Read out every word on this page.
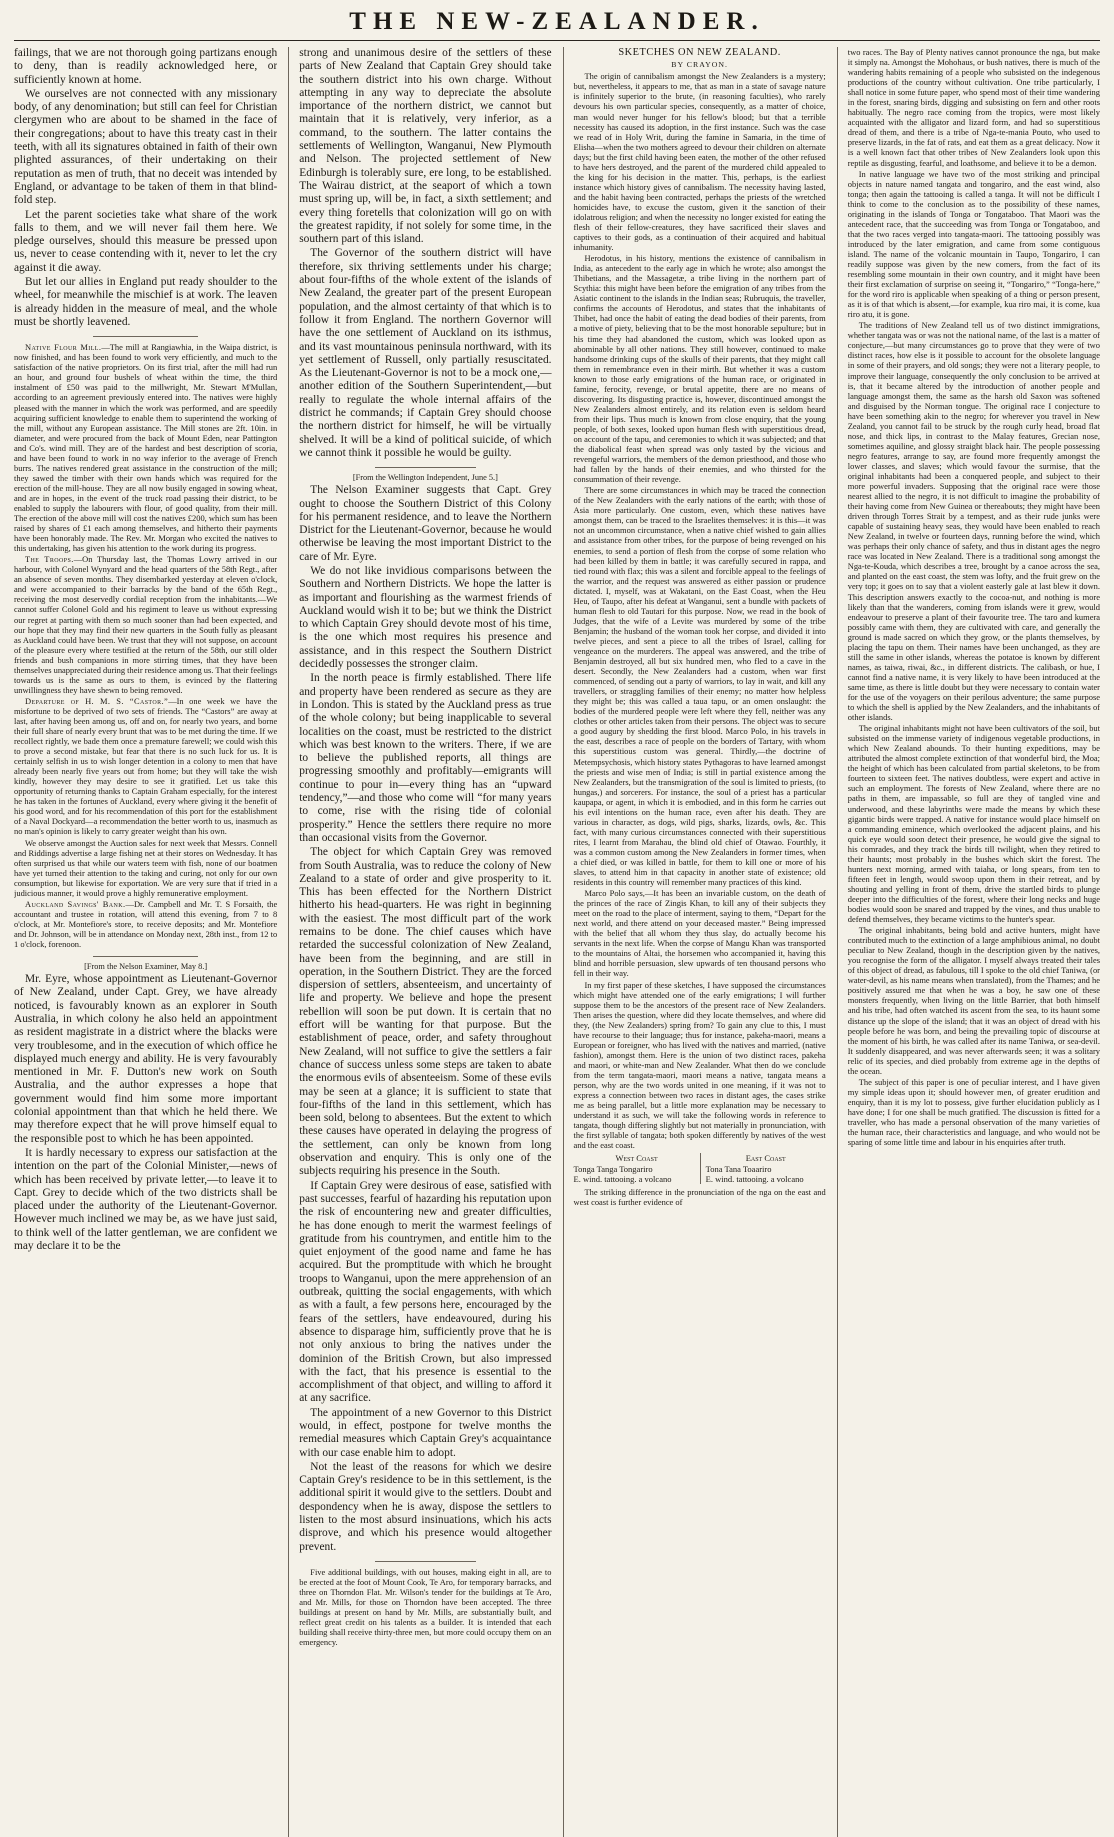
THE NEW-ZEALANDER.

failings, that we are not thorough going partizans enough to deny, than is readily acknowledged here, or sufficiently known at home.

We ourselves are not connected with any missionary body, of any denomination; but still can feel for Christian clergymen who are about to be shamed in the face of their congregations; about to have this treaty cast in their teeth, with all its signatures obtained in faith of their own plighted assurances, of their undertaking on their reputation as men of truth, that no deceit was intended by England, or advantage to be taken of them in that blind-fold step.

Let the parent societies take what share of the work falls to them, and we will never fail them here. We pledge ourselves, should this measure be pressed upon us, never to cease contending with it, never to let the cry against it die away.

But let our allies in England put ready shoulder to the wheel, for meanwhile the mischief is at work. The leaven is already hidden in the measure of meal, and the whole must be shortly leavened.

Native Flour Mill.—The mill at Rangiawhia, in the Waipa district, is now finished, and has been found to work very efficiently, and much to the satisfaction of the native proprietors. On its first trial, after the mill had run an hour, and ground four bushels of wheat within the time, the third instalment of £50 was paid to the millwright, Mr. Stewart M'Mullan, according to an agreement previously entered into. The natives were highly pleased with the manner in which the work was performed, and are speedily acquiring sufficient knowledge to enable them to superintend the working of the mill, without any European assistance. The Mill stones are 2ft. 10in. in diameter, and were procured from the back of Mount Eden, near Pattington and Co's. wind mill. They are of the hardest and best description of scoria, and have been found to work in no way inferior to the average of French burrs. The natives rendered great assistance in the construction of the mill; they sawed the timber with their own hands which was required for the erection of the mill-house. They are all now busily engaged in sowing wheat, and are in hopes, in the event of the truck road passing their district, to be enabled to supply the labourers with flour, of good quality, from their mill. The erection of the above mill will cost the natives £200, which sum has been raised by shares of £1 each among themselves, and hitherto their payments have been honorably made. The Rev. Mr. Morgan who excited the natives to this undertaking, has given his attention to the work during its progress.

The Troops.—On Thursday last, the Thomas Lowry arrived in our harbour, with Colonel Wynyard and the head quarters of the 58th Regt., after an absence of seven months. They disembarked yesterday at eleven o'clock, and were accompanied to their barracks by the band of the 65th Regt., receiving the most deservedly cordial reception from the inhabitants.—We cannot suffer Colonel Gold and his regiment to leave us without expressing our regret at parting with them so much sooner than had been expected, and our hope that they may find their new quarters in the South fully as pleasant as Auckland could have been. We trust that they will not suppose, on account of the pleasure every where testified at the return of the 58th, our still older friends and bush companions in more stirring times, that they have been themselves unappreciated during their residence among us. That their feelings towards us is the same as ours to them, is evinced by the flattering unwillingness they have shewn to being removed.

Departure of H. M. S. “Castor.”—In one week we have the misfortune to be deprived of two sets of friends. The “Castors” are away at last, after having been among us, off and on, for nearly two years, and borne their full share of nearly every brunt that was to be met during the time. If we recollect rightly, we bade them once a premature farewell; we could wish this to prove a second mistake, but fear that there is no such luck for us. It is certainly selfish in us to wish longer detention in a colony to men that have already been nearly five years out from home; but they will take the wish kindly, however they may desire to see it gratified. Let us take this opportunity of returning thanks to Captain Graham especially, for the interest he has taken in the fortunes of Auckland, every where giving it the benefit of his good word, and for his recommendation of this port for the establishment of a Naval Dockyard—a recommendation the better worth to us, inasmuch as no man's opinion is likely to carry greater weight than his own.

We observe amongst the Auction sales for next week that Messrs. Connell and Riddings advertise a large fishing net at their stores on Wednesday. It has often surprised us that while our waters teem with fish, none of our boatmen have yet turned their attention to the taking and curing, not only for our own consumption, but likewise for exportation. We are very sure that if tried in a judicious manner, it would prove a highly remunerative employment.

Auckland Savings' Bank.—Dr. Campbell and Mr. T. S Forsaith, the accountant and trustee in rotation, will attend this evening, from 7 to 8 o'clock, at Mr. Montefiore's store, to receive deposits; and Mr. Montefiore and Dr. Johnson, will be in attendance on Monday next, 28th inst., from 12 to 1 o'clock, forenoon.

[From the Nelson Examiner, May 8.]

Mr. Eyre, whose appointment as Lieutenant-Governor of New Zealand, under Capt. Grey, we have already noticed, is favourably known as an explorer in South Australia, in which colony he also held an appointment as resident magistrate in a district where the blacks were very troublesome, and in the execution of which office he displayed much energy and ability. He is very favourably mentioned in Mr. F. Dutton's new work on South Australia, and the author expresses a hope that government would find him some more important colonial appointment than that which he held there. We may therefore expect that he will prove himself equal to the responsible post to which he has been appointed.

It is hardly necessary to express our satisfaction at the intention on the part of the Colonial Minister,—news of which has been received by private letter,—to leave it to Capt. Grey to decide which of the two districts shall be placed under the authority of the Lieutenant-Governor. However much inclined we may be, as we have just said, to think well of the latter gentleman, we are confident we may declare it to be the

strong and unanimous desire of the settlers of these parts of New Zealand that Captain Grey should take the southern district into his own charge. Without attempting in any way to depreciate the absolute importance of the northern district, we cannot but maintain that it is relatively, very inferior, as a command, to the southern. The latter contains the settlements of Wellington, Wanganui, New Plymouth and Nelson. The projected settlement of New Edinburgh is tolerably sure, ere long, to be established. The Wairau district, at the seaport of which a town must spring up, will be, in fact, a sixth settlement; and every thing foretells that colonization will go on with the greatest rapidity, if not solely for some time, in the southern part of this island.

The Governor of the southern district will have therefore, six thriving settlements under his charge; about four-fifths of the whole extent of the islands of New Zealand, the greater part of the present European population, and the almost certainty of that which is to follow it from England. The northern Governor will have the one settlement of Auckland on its isthmus, and its vast mountainous peninsula northward, with its yet settlement of Russell, only partially resuscitated. As the Lieutenant-Governor is not to be a mock one,—another edition of the Southern Superintendent,—but really to regulate the whole internal affairs of the district he commands; if Captain Grey should choose the northern district for himself, he will be virtually shelved. It will be a kind of political suicide, of which we cannot think it possible he would be guilty.

[From the Wellington Independent, June 5.]

The Nelson Examiner suggests that Capt. Grey ought to choose the Southern District of this Colony for his permanent residence, and to leave the Northern District for the Lieutenant-Governor, because he would otherwise be leaving the most important District to the care of Mr. Eyre.

We do not like invidious comparisons between the Southern and Northern Districts. We hope the latter is as important and flourishing as the warmest friends of Auckland would wish it to be; but we think the District to which Captain Grey should devote most of his time, is the one which most requires his presence and assistance, and in this respect the Southern District decidedly possesses the stronger claim.

In the north peace is firmly established. There life and property have been rendered as secure as they are in London. This is stated by the Auckland press as true of the whole colony; but being inapplicable to several localities on the coast, must be restricted to the district which was best known to the writers. There, if we are to believe the published reports, all things are progressing smoothly and profitably—emigrants will continue to pour in—every thing has an “upward tendency,”—and those who come will “for many years to come, rise with the rising tide of colonial prosperity.” Hence the settlers there require no more than occasional visits from the Governor.

The object for which Captain Grey was removed from South Australia, was to reduce the colony of New Zealand to a state of order and give prosperity to it. This has been effected for the Northern District hitherto his head-quarters. He was right in beginning with the easiest. The most difficult part of the work remains to be done. The chief causes which have retarded the successful colonization of New Zealand, have been from the beginning, and are still in operation, in the Southern District. They are the forced dispersion of settlers, absenteeism, and uncertainty of life and property. We believe and hope the present rebellion will soon be put down. It is certain that no effort will be wanting for that purpose. But the establishment of peace, order, and safety throughout New Zealand, will not suffice to give the settlers a fair chance of success unless some steps are taken to abate the enormous evils of absenteeism. Some of these evils may be seen at a glance; it is sufficient to state that four-fifths of the land in this settlement, which has been sold, belong to absentees. But the extent to which these causes have operated in delaying the progress of the settlement, can only be known from long observation and enquiry. This is only one of the subjects requiring his presence in the South.

If Captain Grey were desirous of ease, satisfied with past successes, fearful of hazarding his reputation upon the risk of encountering new and greater difficulties, he has done enough to merit the warmest feelings of gratitude from his countrymen, and entitle him to the quiet enjoyment of the good name and fame he has acquired. But the promptitude with which he brought troops to Wanganui, upon the mere apprehension of an outbreak, quitting the social engagements, with which as with a fault, a few persons here, encouraged by the fears of the settlers, have endeavoured, during his absence to disparage him, sufficiently prove that he is not only anxious to bring the natives under the dominion of the British Crown, but also impressed with the fact, that his presence is essential to the accomplishment of that object, and willing to afford it at any sacrifice.

The appointment of a new Governor to this District would, in effect, postpone for twelve months the remedial measures which Captain Grey's acquaintance with our case enable him to adopt.

Not the least of the reasons for which we desire Captain Grey's residence to be in this settlement, is the additional spirit it would give to the settlers. Doubt and despondency when he is away, dispose the settlers to listen to the most absurd insinuations, which his acts disprove, and which his presence would altogether prevent.

Five additional buildings, with out houses, making eight in all, are to be erected at the foot of Mount Cook, Te Aro, for temporary barracks, and three on Thorndon Flat. Mr. Wilson's tender for the buildings at Te Aro, and Mr. Mills, for those on Thorndon have been accepted. The three buildings at present on hand by Mr. Mills, are substantially built, and reflect great credit on his talents as a builder. It is intended that each building shall receive thirty-three men, but more could occupy them on an emergency.

SKETCHES ON NEW ZEALAND.

BY CRAYON.

The origin of cannibalism amongst the New Zealanders is a mystery; but, nevertheless, it appears to me, that as man in a state of savage nature is infinitely superior to the brute, (in reasoning faculties), who rarely devours his own particular species, consequently, as a matter of choice, man would never hunger for his fellow's blood; but that a terrible necessity has caused its adoption, in the first instance. Such was the case we read of in Holy Writ, during the famine in Samaria, in the time of Elisha—when the two mothers agreed to devour their children on alternate days; but the first child having been eaten, the mother of the other refused to have hers destroyed, and the parent of the murdered child appealed to the king for his decision in the matter. This, perhaps, is the earliest instance which history gives of cannibalism. The necessity having lasted, and the habit having been contracted, perhaps the priests of the wretched homicides have, to excuse the custom, given it the sanction of their idolatrous religion; and when the necessity no longer existed for eating the flesh of their fellow-creatures, they have sacrificed their slaves and captives to their gods, as a continuation of their acquired and habitual inhumanity.

Herodotus, in his history, mentions the existence of cannibalism in India, as antecedent to the early age in which he wrote; also amongst the Thibetians, and the Massagetæ, a tribe living in the northern part of Scythia: this might have been before the emigration of any tribes from the Asiatic continent to the islands in the Indian seas; Rubruquis, the traveller, confirms the accounts of Herodotus, and states that the inhabitants of Thibet, had once the habit of eating the dead bodies of their parents, from a motive of piety, believing that to be the most honorable sepulture; but in his time they had abandoned the custom, which was looked upon as abominable by all other nations. They still however, continued to make handsome drinking cups of the skulls of their parents, that they might call them in remembrance even in their mirth. But whether it was a custom known to those early emigrations of the human race, or originated in famine, ferocity, revenge, or brutal appetite, there are no means of discovering. Its disgusting practice is, however, discontinued amongst the New Zealanders almost entirely, and its relation even is seldom heard from their lips. Thus much is known from close enquiry, that the young people, of both sexes, looked upon human flesh with superstitious dread, on account of the tapu, and ceremonies to which it was subjected; and that the diabolical feast when spread was only tasted by the vicious and revengeful warriors, the members of the demon priesthood, and those who had fallen by the hands of their enemies, and who thirsted for the consummation of their revenge.

There are some circumstances in which may be traced the connection of the New Zealanders with the early nations of the earth; with those of Asia more particularly. One custom, even, which these natives have amongst them, can be traced to the Israelites themselves: it is this—it was not an uncommon circumstance, when a native chief wished to gain allies and assistance from other tribes, for the purpose of being revenged on his enemies, to send a portion of flesh from the corpse of some relation who had been killed by them in battle; it was carefully secured in rappa, and tied round with flax; this was a silent and forcible appeal to the feelings of the warrior, and the request was answered as either passion or prudence dictated. I, myself, was at Wakatani, on the East Coast, when the Heu Heu, of Taupo, after his defeat at Wanganui, sent a bundle with packets of human flesh to old Tautari for this purpose. Now, we read in the book of Judges, that the wife of a Levite was murdered by some of the tribe Benjamin; the husband of the woman took her corpse, and divided it into twelve pieces, and sent a piece to all the tribes of Israel, calling for vengeance on the murderers. The appeal was answered, and the tribe of Benjamin destroyed, all but six hundred men, who fled to a cave in the desert. Secondly, the New Zealanders had a custom, when war first commenced, of sending out a party of warriors, to lay in wait, and kill any travellers, or straggling families of their enemy; no matter how helpless they might be; this was called a taua tapu, or an omen onslaught: the bodies of the murdered people were left where they fell, neither was any clothes or other articles taken from their persons. The object was to secure a good augury by shedding the first blood. Marco Polo, in his travels in the east, describes a race of people on the borders of Tartary, with whom this superstitious custom was general. Thirdly,—the doctrine of Metempsychosis, which history states Pythagoras to have learned amongst the priests and wise men of India; is still in partial existence among the New Zealanders, but the transmigration of the soul is limited to priests, (to hungas,) and sorcerers. For instance, the soul of a priest has a particular kaupapa, or agent, in which it is embodied, and in this form he carries out his evil intentions on the human race, even after his death. They are various in character, as dogs, wild pigs, sharks, lizards, owls, &c. This fact, with many curious circumstances connected with their superstitious rites, I learnt from Marahau, the blind old chief of Otawao. Fourthly, it was a common custom among the New Zealanders in former times, when a chief died, or was killed in battle, for them to kill one or more of his slaves, to attend him in that capacity in another state of existence; old residents in this country will remember many practices of this kind.

Marco Polo says,—It has been an invariable custom, on the death of the princes of the race of Zingis Khan, to kill any of their subjects they meet on the road to the place of interment, saying to them, “Depart for the next world, and there attend on your deceased master.” Being impressed with the belief that all whom they thus slay, do actually become his servants in the next life. When the corpse of Mangu Khan was transported to the mountains of Altai, the horsemen who accompanied it, having this blind and horrible persuasion, slew upwards of ten thousand persons who fell in their way.

In my first paper of these sketches, I have supposed the circumstances which might have attended one of the early emigrations; I will further suppose them to be the ancestors of the present race of New Zealanders. Then arises the question, where did they locate themselves, and where did they, (the New Zealanders) spring from? To gain any clue to this, I must have recourse to their language; thus for instance, pakeha-maori, means a European or foreigner, who has lived with the natives and married, (native fashion), amongst them. Here is the union of two distinct races, pakeha and maori, or white-man and New Zealander. What then do we conclude from the term tangata-maori, maori means a native, tangata means a person, why are the two words united in one meaning, if it was not to express a connection between two races in distant ages, the cases strike me as being parallel, but a little more explanation may be necessary to understand it as such, we will take the following words in reference to tangata, though differing slightly but not materially in pronunciation, with the first syllable of tangata; both spoken differently by natives of the west and the east coast.

West Coast
Tonga Tanga Tongariro
E. wind. tattooing. a volcano
East Coast
Tona Tana Toaariro
E. wind. tattooing. a volcano

The striking difference in the pronunciation of the nga on the east and west coast is further evidence of

two races. The Bay of Plenty natives cannot pronounce the nga, but make it simply na. Amongst the Mohohaus, or bush natives, there is much of the wandering habits remaining of a people who subsisted on the indegenous productions of the country without cultivation. One tribe particularly, I shall notice in some future paper, who spend most of their time wandering in the forest, snaring birds, digging and subsisting on fern and other roots habitually. The negro race coming from the tropics, were most likely acquainted with the alligator and lizard form, and had so superstitious dread of them, and there is a tribe of Nga-te-mania Pouto, who used to preserve lizards, in the fat of rats, and eat them as a great delicacy. Now it is a well known fact that other tribes of New Zealanders look upon this reptile as disgusting, fearful, and loathsome, and believe it to be a demon.

In native language we have two of the most striking and principal objects in nature named tangata and tongariro, and the east wind, also tonga; then again the tattooing is called a tanga. It will not be difficult I think to come to the conclusion as to the possibility of these names, originating in the islands of Tonga or Tongataboo. That Maori was the antecedent race, that the succeeding was from Tonga or Tongataboo, and that the two races verged into tangata-maori. The tattooing possibly was introduced by the later emigration, and came from some contiguous island. The name of the volcanic mountain in Taupo, Tongariro, I can readily suppose was given by the new comers, from the fact of its resembling some mountain in their own country, and it might have been their first exclamation of surprise on seeing it, “Tongariro,” “Tonga-here,” for the word riro is applicable when speaking of a thing or person present, as it is of that which is absent,—for example, kua riro mai, it is come, kua riro atu, it is gone.

The traditions of New Zealand tell us of two distinct immigrations, whether tangata was or was not the national name, of the last is a matter of conjecture,—but many circumstances go to prove that they were of two distinct races, how else is it possible to account for the obsolete language in some of their prayers, and old songs; they were not a literary people, to improve their language, consequently the only conclusion to be arrived at is, that it became altered by the introduction of another people and language amongst them, the same as the harsh old Saxon was softened and disguised by the Norman tongue. The original race I conjecture to have been something akin to the negro; for wherever you travel in New Zealand, you cannot fail to be struck by the rough curly head, broad flat nose, and thick lips, in contrast to the Malay features, Grecian nose, sometimes aquiline, and glossy straight black hair. The people possessing negro features, arrange to say, are found more frequently amongst the lower classes, and slaves; which would favour the surmise, that the original inhabitants had been a conquered people, and subject to their more powerful invaders. Supposing that the original race were those nearest allied to the negro, it is not difficult to imagine the probability of their having come from New Guinea or thereabouts; they might have been driven through Torres Strait by a tempest, and as their rude junks were capable of sustaining heavy seas, they would have been enabled to reach New Zealand, in twelve or fourteen days, running before the wind, which was perhaps their only chance of safety, and thus in distant ages the negro race was located in New Zealand. There is a traditional song amongst the Nga-te-Kouda, which describes a tree, brought by a canoe across the sea, and planted on the east coast, the stem was lofty, and the fruit grew on the very top; it goes on to say that a violent easterly gale at last blew it down. This description answers exactly to the cocoa-nut, and nothing is more likely than that the wanderers, coming from islands were it grew, would endeavour to preserve a plant of their favourite tree. The taro and kumera possibly came with them, they are cultivated with care, and generally the ground is made sacred on which they grow, or the plants themselves, by placing the tapu on them. Their names have been unchanged, as they are still the same in other islands, whereas the potatoe is known by different names, as taiwa, riwai, &c., in different districts. The calibash, or hue, I cannot find a native name, it is very likely to have been introduced at the same time, as there is little doubt but they were necessary to contain water for the use of the voyagers on their perilous adventure; the same purpose to which the shell is applied by the New Zealanders, and the inhabitants of other islands.

The original inhabitants might not have been cultivators of the soil, but subsisted on the immense variety of indigenous vegetable productions, in which New Zealand abounds. To their hunting expeditions, may be attributed the almost complete extinction of that wonderful bird, the Moa; the height of which has been calculated from partial skeletons, to be from fourteen to sixteen feet. The natives doubtless, were expert and active in such an employment. The forests of New Zealand, where there are no paths in them, are impassable, so full are they of tangled vine and underwood, and these labyrinths were made the means by which these gigantic birds were trapped. A native for instance would place himself on a commanding eminence, which overlooked the adjacent plains, and his quick eye would soon detect their presence, he would give the signal to his comrades, and they track the birds till twilight, when they retired to their haunts; most probably in the bushes which skirt the forest. The hunters next morning, armed with taiaha, or long spears, from ten to fifteen feet in length, would swoop upon them in their retreat, and by shouting and yelling in front of them, drive the startled birds to plunge deeper into the difficulties of the forest, where their long necks and huge bodies would soon be snared and trapped by the vines, and thus unable to defend themselves, they became victims to the hunter's spear.

The original inhabitants, being bold and active hunters, might have contributed much to the extinction of a large amphibious animal, no doubt peculiar to New Zealand, though in the description given by the natives, you recognise the form of the alligator. I myself always treated their tales of this object of dread, as fabulous, till I spoke to the old chief Taniwa, (or water-devil, as his name means when translated), from the Thames; and he positively assured me that when he was a boy, he saw one of these monsters frequently, when living on the little Barrier, that both himself and his tribe, had often watched its ascent from the sea, to its haunt some distance up the slope of the island; that it was an object of dread with his people before he was born, and being the prevailing topic of discourse at the moment of his birth, he was called after its name Taniwa, or sea-devil. It suddenly disappeared, and was never afterwards seen; it was a solitary relic of its species, and died probably from extreme age in the depths of the ocean.

The subject of this paper is one of peculiar interest, and I have given my simple ideas upon it; should however men, of greater erudition and enquiry, than it is my lot to possess, give further elucidation publicly as I have done; I for one shall be much gratified. The discussion is fitted for a traveller, who has made a personal observation of the many varieties of the human race, their characteristics and language, and who would not be sparing of some little time and labour in his enquiries after truth.
